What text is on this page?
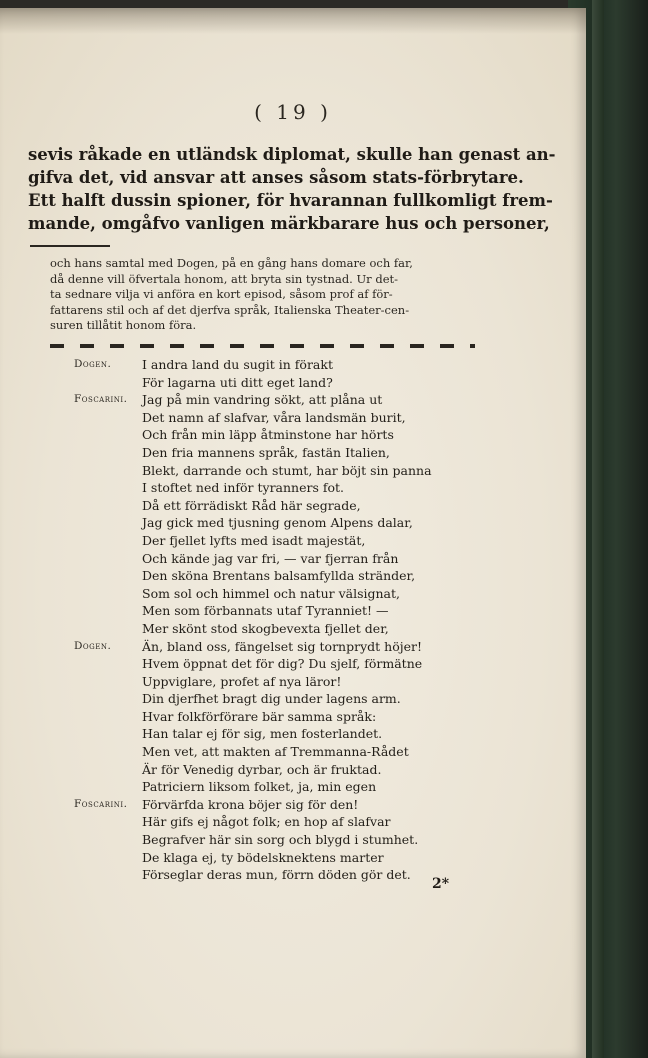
( 19 )
sevis råkade en utländsk diplomat, skulle han genast an-
gifva det, vid ansvar att anses såsom stats-förbrytare.
Ett halft dussin spioner, för hvarannan fullkomligt frem-
mande, omgåfvo vanligen märkbarare hus och personer,
och hans samtal med Dogen, på en gång hans domare och far,
då denne vill öfvertala honom, att bryta sin tystnad. Ur det-
ta sednare vilja vi anföra en kort episod, såsom prof af för-
fattarens stil och af det djerfva språk, Italienska Theater-cen-
suren tillåtit honom föra.
Dogen.
Foscarini.
Dogen.
Foscarini.
I andra land du sugit in förakt
För lagarna uti ditt eget land?
Jag på min vandring sökt, att plåna ut
Det namn af slafvar, våra landsmän burit,
Och från min läpp åtminstone har hörts
Den fria mannens språk, fastän Italien,
Blekt, darrande och stumt, har böjt sin panna
I stoftet ned inför tyranners fot.
Då ett förrädiskt Råd här segrade,
Jag gick med tjusning genom Alpens dalar,
Der fjellet lyfts med isadt majestät,
Och kände jag var fri, — var fjerran från
Den sköna Brentans balsamfyllda stränder,
Som sol och himmel och natur välsignat,
Men som förbannats utaf Tyranniet! —
Mer skönt stod skogbevexta fjellet der,
Än, bland oss, fängelset sig tornprydt höjer!
Hvem öppnat det för dig? Du sjelf, förmätne
Uppviglare, profet af nya läror!
Din djerfhet bragt dig under lagens arm.
Hvar folkförförare bär samma språk:
Han talar ej för sig, men fosterlandet.
Men vet, att makten af Tremmanna-Rådet
Är för Venedig dyrbar, och är fruktad.
Patriciern liksom folket, ja, min egen
Förvärfda krona böjer sig för den!
Här gifs ej något folk; en hop af slafvar
Begrafver här sin sorg och blygd i stumhet.
De klaga ej, ty bödelsknektens marter
Förseglar deras mun, förrn döden gör det.
2*
